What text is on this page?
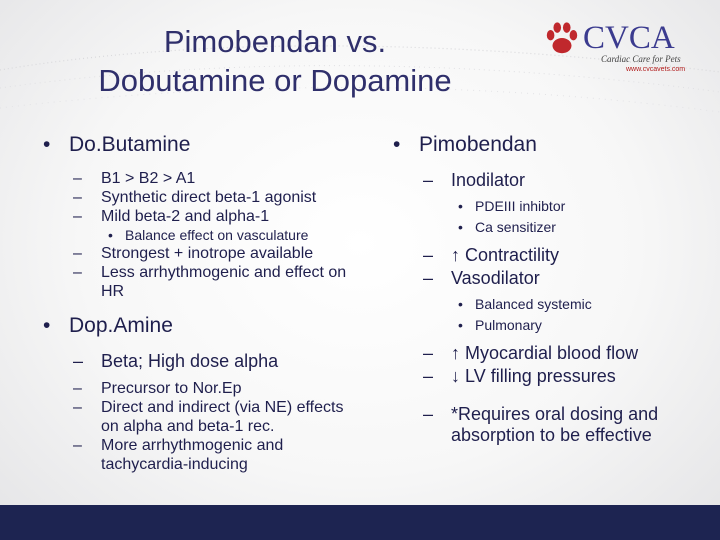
Pimobendan vs.
Dobutamine or Dopamine
CVCA
Cardiac Care for Pets
www.cvcavets.com
• Do.Butamine
– B1 > B2 > A1
– Synthetic direct beta-1 agonist
– Mild beta-2 and alpha-1
• Balance effect on vasculature
– Strongest + inotrope available
– Less arrhythmogenic and effect on HR
• Dop.Amine
– Beta; High dose alpha
– Precursor to Nor.Ep
– Direct and indirect (via NE) effects on alpha and beta-1 rec.
– More arrhythmogenic and tachycardia-inducing
• Pimobendan
– Inodilator
• PDEIII inhibtor
• Ca sensitizer
– ↑ Contractility
– Vasodilator
• Balanced systemic
• Pulmonary
– ↑ Myocardial blood flow
– ↓ LV filling pressures
– *Requires oral dosing and absorption to be effective
